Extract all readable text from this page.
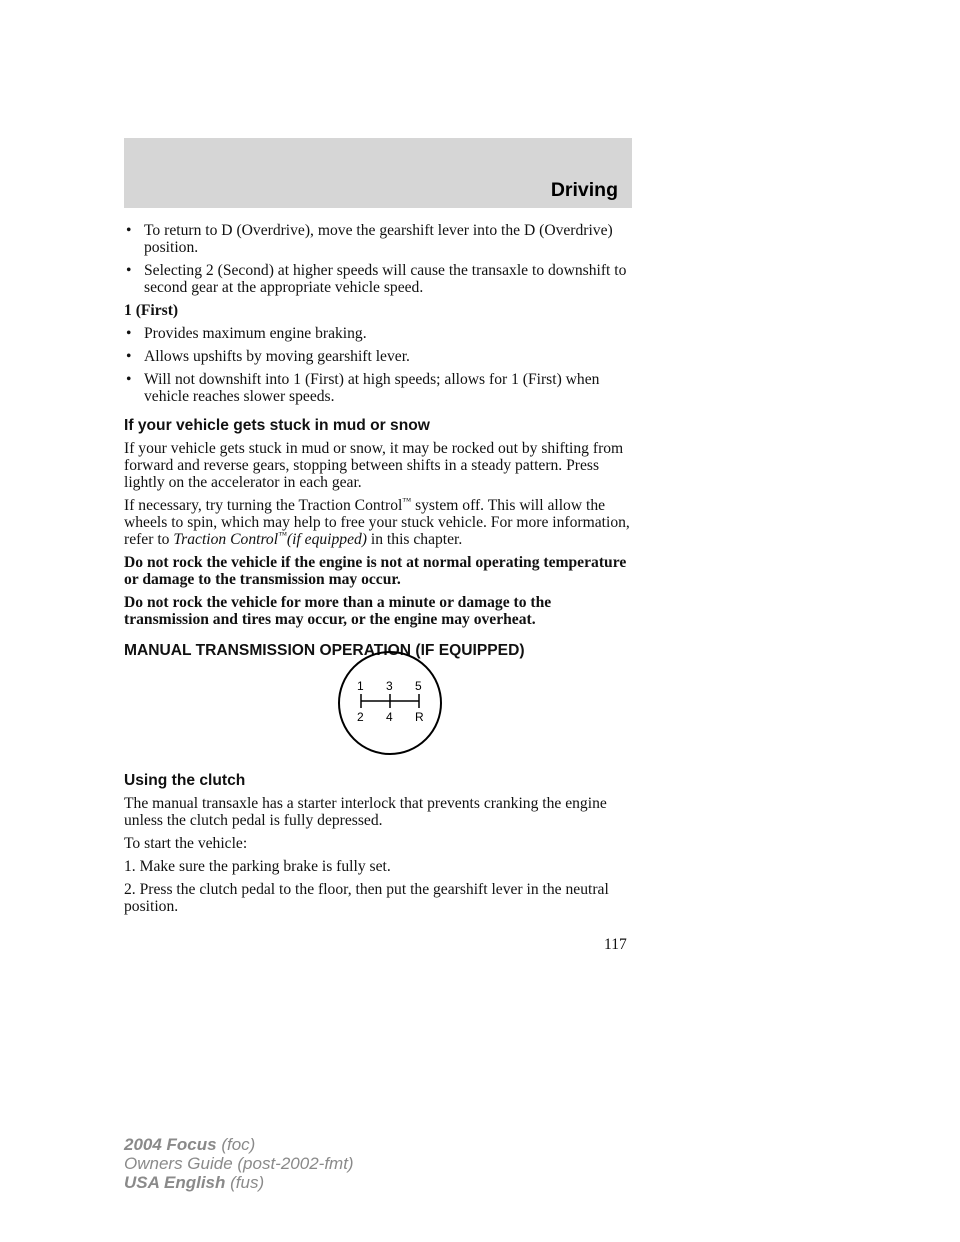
Driving
• To return to D (Overdrive), move the gearshift lever into the D (Overdrive) position.
• Selecting 2 (Second) at higher speeds will cause the transaxle to downshift to second gear at the appropriate vehicle speed.
1 (First)
• Provides maximum engine braking.
• Allows upshifts by moving gearshift lever.
• Will not downshift into 1 (First) at high speeds; allows for 1 (First) when vehicle reaches slower speeds.
If your vehicle gets stuck in mud or snow
If your vehicle gets stuck in mud or snow, it may be rocked out by shifting from forward and reverse gears, stopping between shifts in a steady pattern. Press lightly on the accelerator in each gear.
If necessary, try turning the Traction Control™ system off. This will allow the wheels to spin, which may help to free your stuck vehicle. For more information, refer to Traction Control™(if equipped) in this chapter.
Do not rock the vehicle if the engine is not at normal operating temperature or damage to the transmission may occur.
Do not rock the vehicle for more than a minute or damage to the transmission and tires may occur, or the engine may overheat.
MANUAL TRANSMISSION OPERATION (IF EQUIPPED)
1 3 5
2 4 R
Using the clutch
The manual transaxle has a starter interlock that prevents cranking the engine unless the clutch pedal is fully depressed.
To start the vehicle:
1. Make sure the parking brake is fully set.
2. Press the clutch pedal to the floor, then put the gearshift lever in the neutral position.
117
2004 Focus (foc)
Owners Guide (post-2002-fmt)
USA English (fus)
